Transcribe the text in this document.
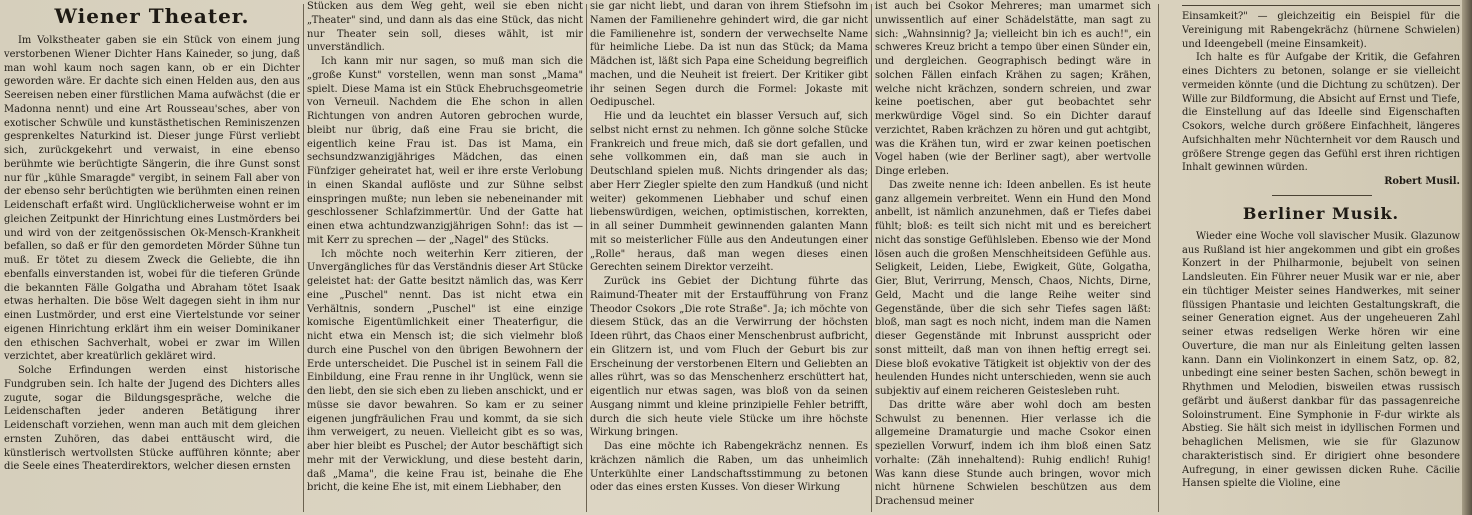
Wiener Theater.

Im Volkstheater gaben sie ein Stück von einem jung verstorbenen Wiener Dichter Hans Kaineder, so jung, daß man wohl kaum noch sagen kann, ob er ein Dichter geworden wäre. Er dachte sich einen Helden aus, den aus Seereisen neben einer fürstlichen Mama aufwächst (die er Madonna nennt) und eine Art Rousseau'sches, aber von exotischer Schwüle und kunstästhetischen Reminiszenzen gesprenkeltes Naturkind ist. Dieser junge Fürst verliebt sich, zurückgekehrt und verwaist, in eine ebenso berühmte wie berüchtigte Sängerin, die ihre Gunst sonst nur für „kühle Smaragde" vergibt, in seinem Fall aber von der ebenso sehr berüchtigten wie berühmten einen reinen Leidenschaft erfaßt wird. Unglücklicherweise wohnt er im gleichen Zeitpunkt der Hinrichtung eines Lustmörders bei und wird von der zeitgenössischen Ok-Mensch-Krankheit befallen, so daß er für den gemordeten Mörder Sühne tun muß. Er tötet zu diesem Zweck die Geliebte, die ihn ebenfalls einverstanden ist, wobei für die tieferen Gründe die bekannten Fälle Golgatha und Abraham tötet Isaak etwas herhalten. Die böse Welt dagegen sieht in ihm nur einen Lustmörder, und erst eine Viertelstunde vor seiner eigenen Hinrichtung erklärt ihm ein weiser Dominikaner den ethischen Sachverhalt, wobei er zwar im Willen verzichtet, aber kreatürlich gekläret wird.

Solche Erfindungen werden einst historische Fundgruben sein. Ich halte der Jugend des Dichters alles zugute, sogar die Bildungsgespräche, welche die Leidenschaften jeder anderen Betätigung ihrer Leidenschaft vorziehen, wenn man auch mit dem gleichen ernsten Zuhören, das dabei enttäuscht wird, die künstlerisch wertvollsten Stücke aufführen könnte; aber die Seele eines Theaterdirektors, welcher diesen ernsten

Stücken aus dem Weg geht, weil sie eben nicht „Theater" sind, und dann als das eine Stück, das nicht nur Theater sein soll, dieses wählt, ist mir unverständlich.

Ich kann mir nur sagen, so muß man sich die „große Kunst" vorstellen, wenn man sonst „Mama" spielt. Diese Mama ist ein Stück Ehebruchsgeometrie von Verneuil. Nachdem die Ehe schon in allen Richtungen von andren Autoren gebrochen wurde, bleibt nur übrig, daß eine Frau sie bricht, die eigentlich keine Frau ist. Das ist Mama, ein sechsundzwanzigjähriges Mädchen, das einen Fünfziger geheiratet hat, weil er ihre erste Verlobung in einen Skandal auflöste und zur Sühne selbst einspringen mußte; nun leben sie nebeneinander mit geschlossener Schlafzimmertür. Und der Gatte hat einen etwa achtundzwanzigjährigen Sohn!: das ist — mit Kerr zu sprechen — der „Nagel" des Stücks.

Ich möchte noch weiterhin Kerr zitieren, der Unvergängliches für das Verständnis dieser Art Stücke geleistet hat: der Gatte besitzt nämlich das, was Kerr eine „Puschel" nennt. Das ist nicht etwa ein Verhältnis, sondern „Puschel" ist eine einzige komische Eigentümlichkeit einer Theaterfigur, die nicht etwa ein Mensch ist; die sich vielmehr bloß durch eine Puschel von den übrigen Bewohnern der Erde unterscheidet. Die Puschel ist in seinem Fall die Einbildung, eine Frau renne in ihr Unglück, wenn sie den liebt, den sie sich eben zu lieben anschickt, und er müsse sie davor bewahren. So kam er zu seiner eigenen jungfräulichen Frau und kommt, da sie sich ihm verweigert, zu neuen. Vielleicht gibt es so was, aber hier bleibt es Puschel; der Autor beschäftigt sich mehr mit der Verwicklung, und diese besteht darin, daß „Mama", die keine Frau ist, beinahe die Ehe bricht, die keine Ehe ist, mit einem Liebhaber, den

sie gar nicht liebt, und daran von ihrem Stiefsohn im Namen der Familienehre gehindert wird, die gar nicht die Familienehre ist, sondern der verwechselte Name für heimliche Liebe. Da ist nun das Stück; da Mama Mädchen ist, läßt sich Papa eine Scheidung begreiflich machen, und die Neuheit ist freiert. Der Kritiker gibt ihr seinen Segen durch die Formel: Jokaste mit Oedipuschel.

Hie und da leuchtet ein blasser Versuch auf, sich selbst nicht ernst zu nehmen. Ich gönne solche Stücke Frankreich und freue mich, daß sie dort gefallen, und sehe vollkommen ein, daß man sie auch in Deutschland spielen muß. Nichts dringender als das; aber Herr Ziegler spielte den zum Handkuß (und nicht weiter) gekommenen Liebhaber und schuf einen liebenswürdigen, weichen, optimistischen, korrekten, in all seiner Dummheit gewinnenden galanten Mann mit so meisterlicher Fülle aus den Andeutungen einer „Rolle" heraus, daß man wegen dieses einen Gerechten seinem Direktor verzeiht.

Zurück ins Gebiet der Dichtung führte das Raimund-Theater mit der Erstaufführung von Franz Theodor Csokors „Die rote Straße". Ja; ich möchte von diesem Stück, das an die Verwirrung der höchsten Ideen rührt, das Chaos einer Menschenbrust aufbricht, ein Glitzern ist, und vom Fluch der Geburt bis zur Erscheinung der verstorbenen Eltern und Geliebten an alles rührt, was so das Menschenherz erschüttert hat, eigentlich nur etwas sagen, was bloß von da seinen Ausgang nimmt und kleine prinzipielle Fehler betrifft, durch die sich heute viele Stücke um ihre höchste Wirkung bringen.

Das eine möchte ich Rabengekrächz nennen. Es krächzen nämlich die Raben, um das unheimlich Unterkühlte einer Landschaftsstimmung zu betonen oder das eines ersten Kusses. Von dieser Wirkung

ist auch bei Csokor Mehreres; man umarmet sich unwissentlich auf einer Schädelstätte, man sagt zu sich: „Wahnsinnig? Ja; vielleicht bin ich es auch!", ein schweres Kreuz bricht a tempo über einen Sünder ein, und dergleichen. Geographisch bedingt wäre in solchen Fällen einfach Krähen zu sagen; Krähen, welche nicht krächzen, sondern schreien, und zwar keine poetischen, aber gut beobachtet sehr merkwürdige Vögel sind. So ein Dichter darauf verzichtet, Raben krächzen zu hören und gut achtgibt, was die Krähen tun, wird er zwar keinen poetischen Vogel haben (wie der Berliner sagt), aber wertvolle Dinge erleben.

Das zweite nenne ich: Ideen anbellen. Es ist heute ganz allgemein verbreitet. Wenn ein Hund den Mond anbellt, ist nämlich anzunehmen, daß er Tiefes dabei fühlt; bloß: es teilt sich nicht mit und es bereichert nicht das sonstige Gefühlsleben. Ebenso wie der Mond lösen auch die großen Menschheitsideen Gefühle aus. Seligkeit, Leiden, Liebe, Ewigkeit, Güte, Golgatha, Gier, Blut, Verirrung, Mensch, Chaos, Nichts, Dirne, Geld, Macht und die lange Reihe weiter sind Gegenstände, über die sich sehr Tiefes sagen läßt: bloß, man sagt es noch nicht, indem man die Namen dieser Gegenstände mit Inbrunst ausspricht oder sonst mitteilt, daß man von ihnen heftig erregt sei. Diese bloß evokative Tätigkeit ist objektiv von der des heulenden Hundes nicht unterschieden, wenn sie auch subjektiv auf einem reicheren Geistesleben ruht.

Das dritte wäre aber wohl doch am besten Schwulst zu benennen. Hier verlasse ich die allgemeine Dramaturgie und mache Csokor einen speziellen Vorwurf, indem ich ihm bloß einen Satz vorhalte: (Zäh innehaltend): Ruhig endlich! Ruhig! Was kann diese Stunde auch bringen, wovor mich nicht hürnene Schwielen beschützen aus dem Drachensud meiner

Einsamkeit?" — gleichzeitig ein Beispiel für die Vereinigung mit Rabengekrächz (hürnene Schwielen) und Ideengebell (meine Einsamkeit).

Ich halte es für Aufgabe der Kritik, die Gefahren eines Dichters zu betonen, solange er sie vielleicht vermeiden könnte (und die Dichtung zu schützen). Der Wille zur Bildformung, die Absicht auf Ernst und Tiefe, die Einstellung auf das Ideelle sind Eigenschaften Csokors, welche durch größere Einfachheit, längeres Aufsichhalten mehr Nüchternheit vor dem Rausch und größere Strenge gegen das Gefühl erst ihren richtigen Inhalt gewinnen würden.

Robert Musil.
Berliner Musik.

Wieder eine Woche voll slavischer Musik. Glazunow aus Rußland ist hier angekommen und gibt ein großes Konzert in der Philharmonie, bejubelt von seinen Landsleuten. Ein Führer neuer Musik war er nie, aber ein tüchtiger Meister seines Handwerkes, mit seiner flüssigen Phantasie und leichten Gestaltungskraft, die seiner Generation eignet. Aus der ungeheueren Zahl seiner etwas redseligen Werke hören wir eine Ouverture, die man nur als Einleitung gelten lassen kann. Dann ein Violinkonzert in einem Satz, op. 82, unbedingt eine seiner besten Sachen, schön bewegt in Rhythmen und Melodien, bisweilen etwas russisch gefärbt und äußerst dankbar für das passagenreiche Soloinstrument. Eine Symphonie in F-dur wirkte als Abstieg. Sie hält sich meist in idyllischen Formen und behaglichen Melismen, wie sie für Glazunow charakteristisch sind. Er dirigiert ohne besondere Aufregung, in einer gewissen dicken Ruhe. Cäcilie Hansen spielte die Violine, eine
